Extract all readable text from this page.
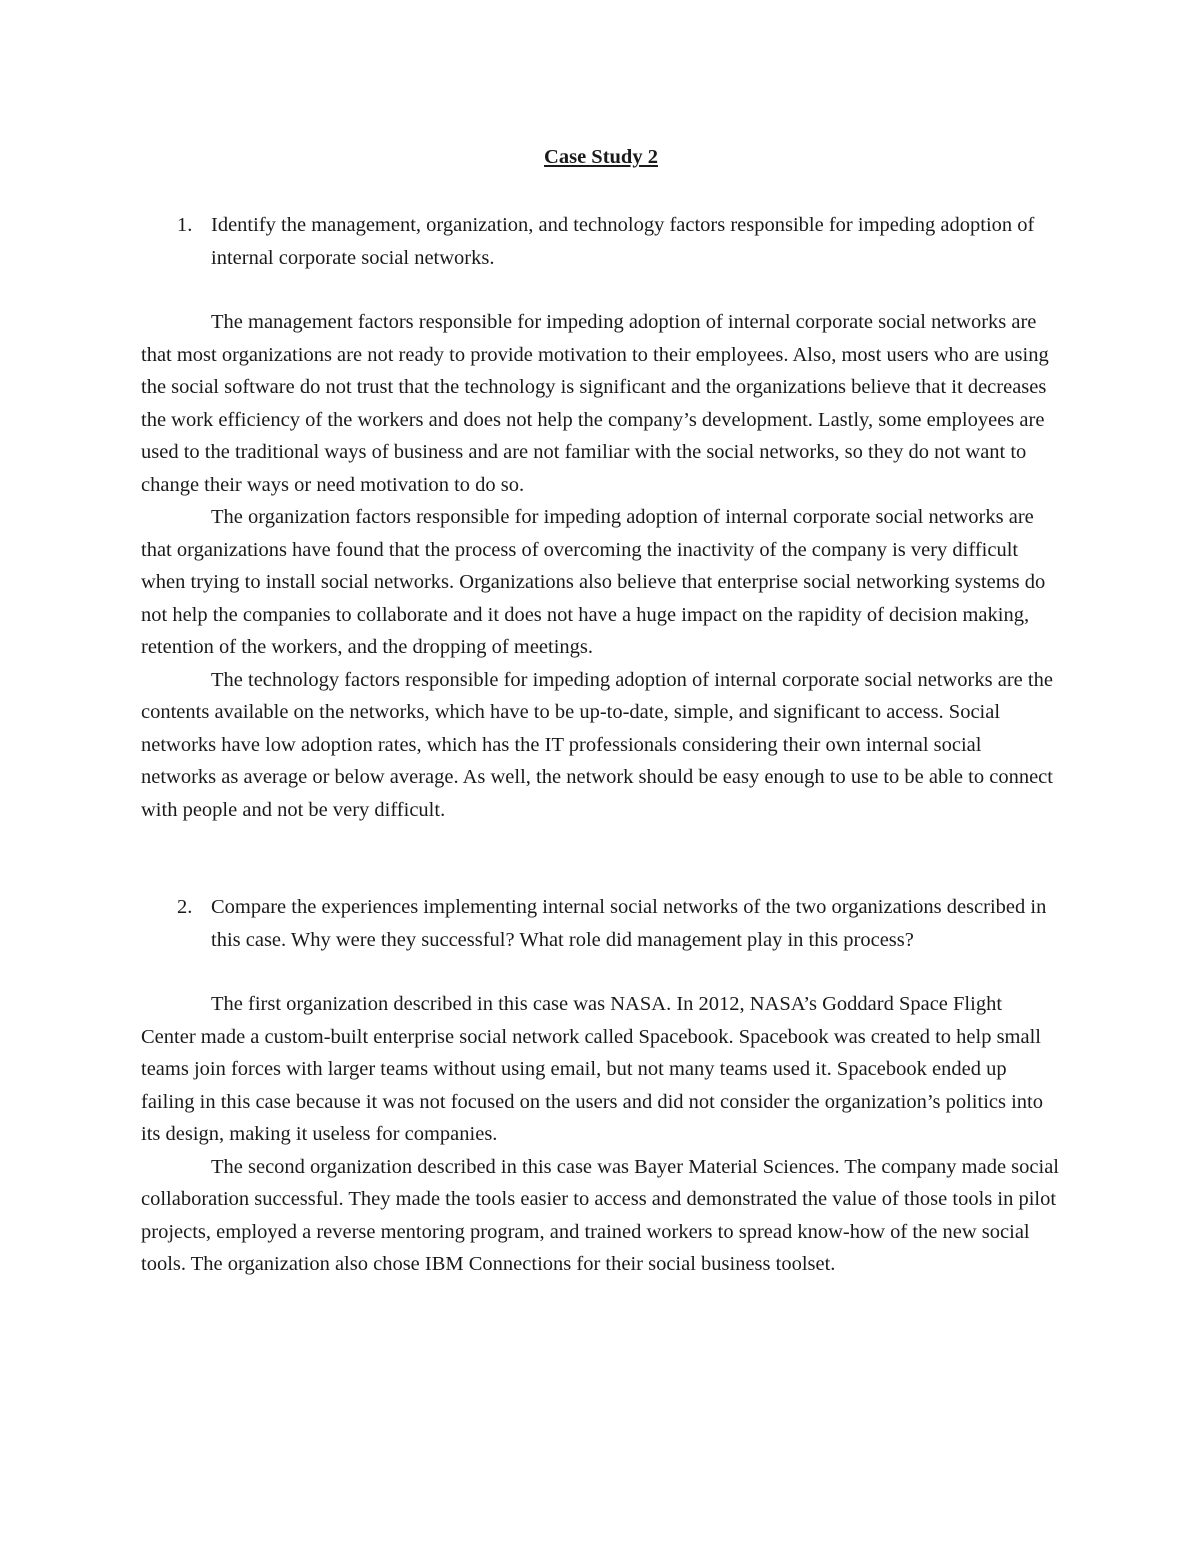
Case Study 2
1. Identify the management, organization, and technology factors responsible for impeding adoption of internal corporate social networks.

The management factors responsible for impeding adoption of internal corporate social networks are that most organizations are not ready to provide motivation to their employees. Also, most users who are using the social software do not trust that the technology is significant and the organizations believe that it decreases the work efficiency of the workers and does not help the company’s development. Lastly, some employees are used to the traditional ways of business and are not familiar with the social networks, so they do not want to change their ways or need motivation to do so.

The organization factors responsible for impeding adoption of internal corporate social networks are that organizations have found that the process of overcoming the inactivity of the company is very difficult when trying to install social networks. Organizations also believe that enterprise social networking systems do not help the companies to collaborate and it does not have a huge impact on the rapidity of decision making, retention of the workers, and the dropping of meetings.

The technology factors responsible for impeding adoption of internal corporate social networks are the contents available on the networks, which have to be up-to-date, simple, and significant to access. Social networks have low adoption rates, which has the IT professionals considering their own internal social networks as average or below average. As well, the network should be easy enough to use to be able to connect with people and not be very difficult.

2. Compare the experiences implementing internal social networks of the two organizations described in this case. Why were they successful? What role did management play in this process?

The first organization described in this case was NASA. In 2012, NASA’s Goddard Space Flight Center made a custom-built enterprise social network called Spacebook. Spacebook was created to help small teams join forces with larger teams without using email, but not many teams used it. Spacebook ended up failing in this case because it was not focused on the users and did not consider the organization’s politics into its design, making it useless for companies.

The second organization described in this case was Bayer Material Sciences. The company made social collaboration successful. They made the tools easier to access and demonstrated the value of those tools in pilot projects, employed a reverse mentoring program, and trained workers to spread know-how of the new social tools. The organization also chose IBM Connections for their social business toolset.
